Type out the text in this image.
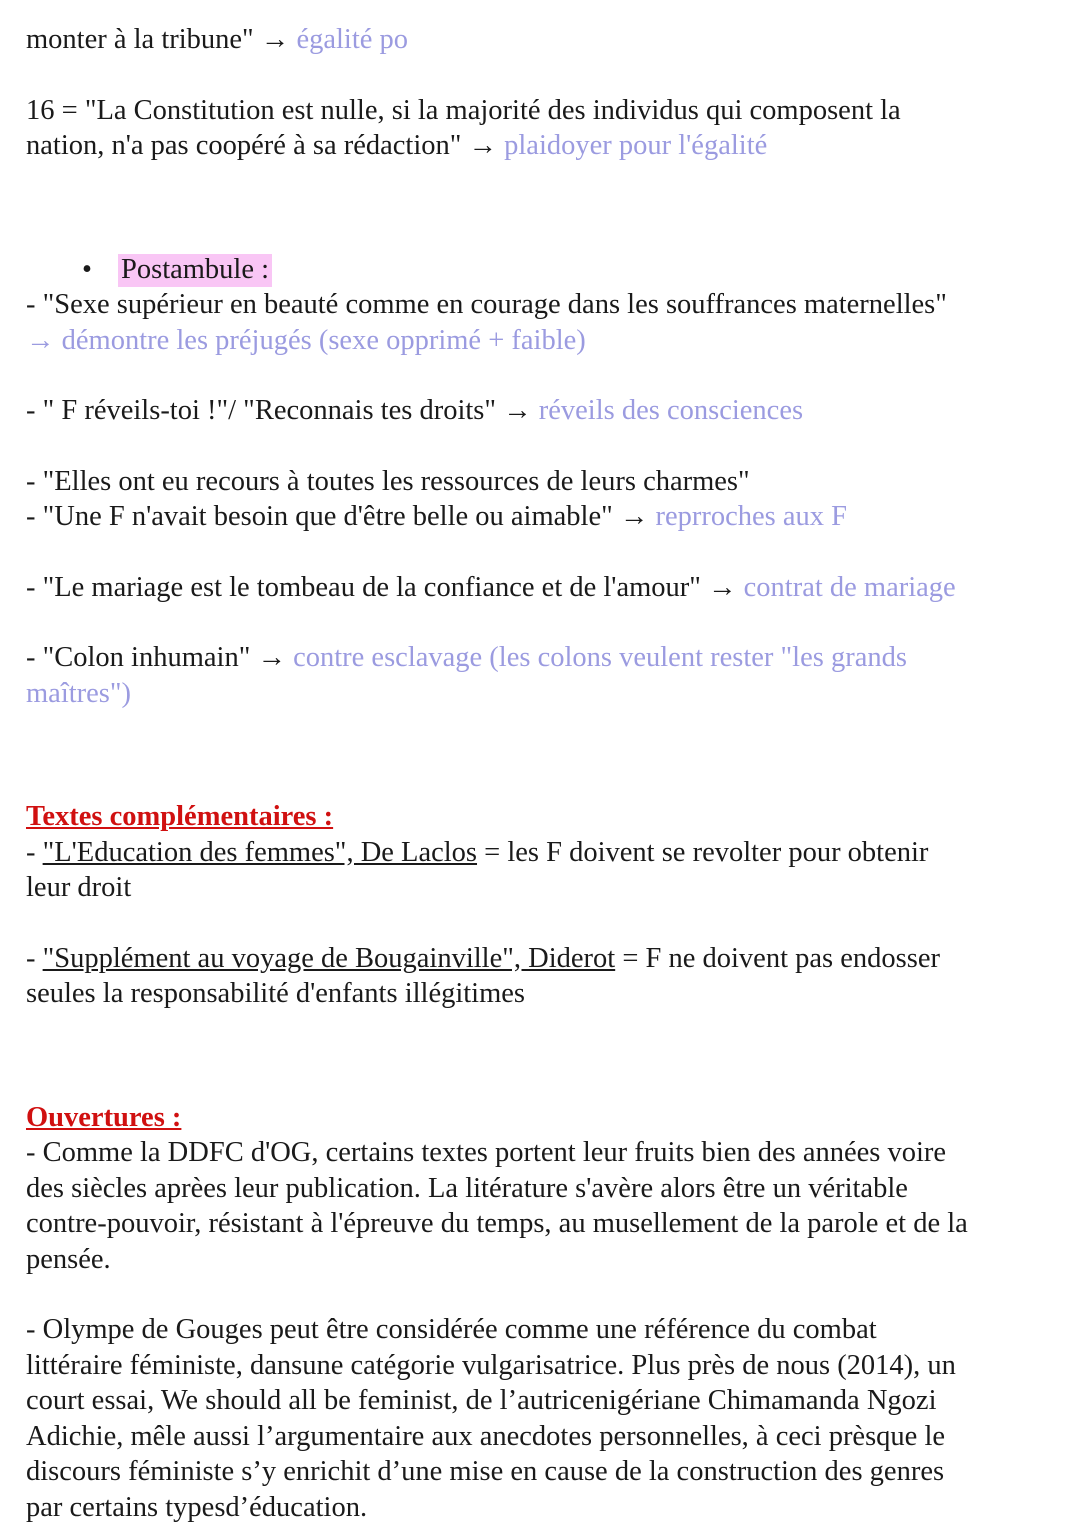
monter à la tribune" → égalité po
16 = "La Constitution est nulle, si la majorité des individus qui composent la
nation, n'a pas coopéré à sa rédaction" → plaidoyer pour l'égalité
• Postambule :
- "Sexe supérieur en beauté comme en courage dans les souffrances maternelles"
→ démontre les préjugés (sexe opprimé + faible)
- " F réveils-toi !"/ "Reconnais tes droits" → réveils des consciences
- "Elles ont eu recours à toutes les ressources de leurs charmes"
- "Une F n'avait besoin que d'être belle ou aimable" → reprroches aux F
- "Le mariage est le tombeau de la confiance et de l'amour" → contrat de mariage
- "Colon inhumain" → contre esclavage (les colons veulent rester "les grands
maîtres")
Textes complémentaires :
- "L'Education des femmes", De Laclos = les F doivent se revolter pour obtenir
leur droit
- "Supplément au voyage de Bougainville", Diderot = F ne doivent pas endosser
seules la responsabilité d'enfants illégitimes
Ouvertures :
- Comme la DDFC d'OG, certains textes portent leur fruits bien des années voire
des siècles aprèes leur publication. La litérature s'avère alors être un véritable
contre-pouvoir, résistant à l'épreuve du temps, au musellement de la parole et de la
pensée.
- Olympe de Gouges peut être considérée comme une référence du combat
littéraire féministe, dansune catégorie vulgarisatrice. Plus près de nous (2014), un
court essai, We should all be feminist, de l’autricenigériane Chimamanda Ngozi
Adichie, mêle aussi l’argumentaire aux anecdotes personnelles, à ceci prèsque le
discours féministe s’y enrichit d’une mise en cause de la construction des genres
par certains typesd’éducation.
